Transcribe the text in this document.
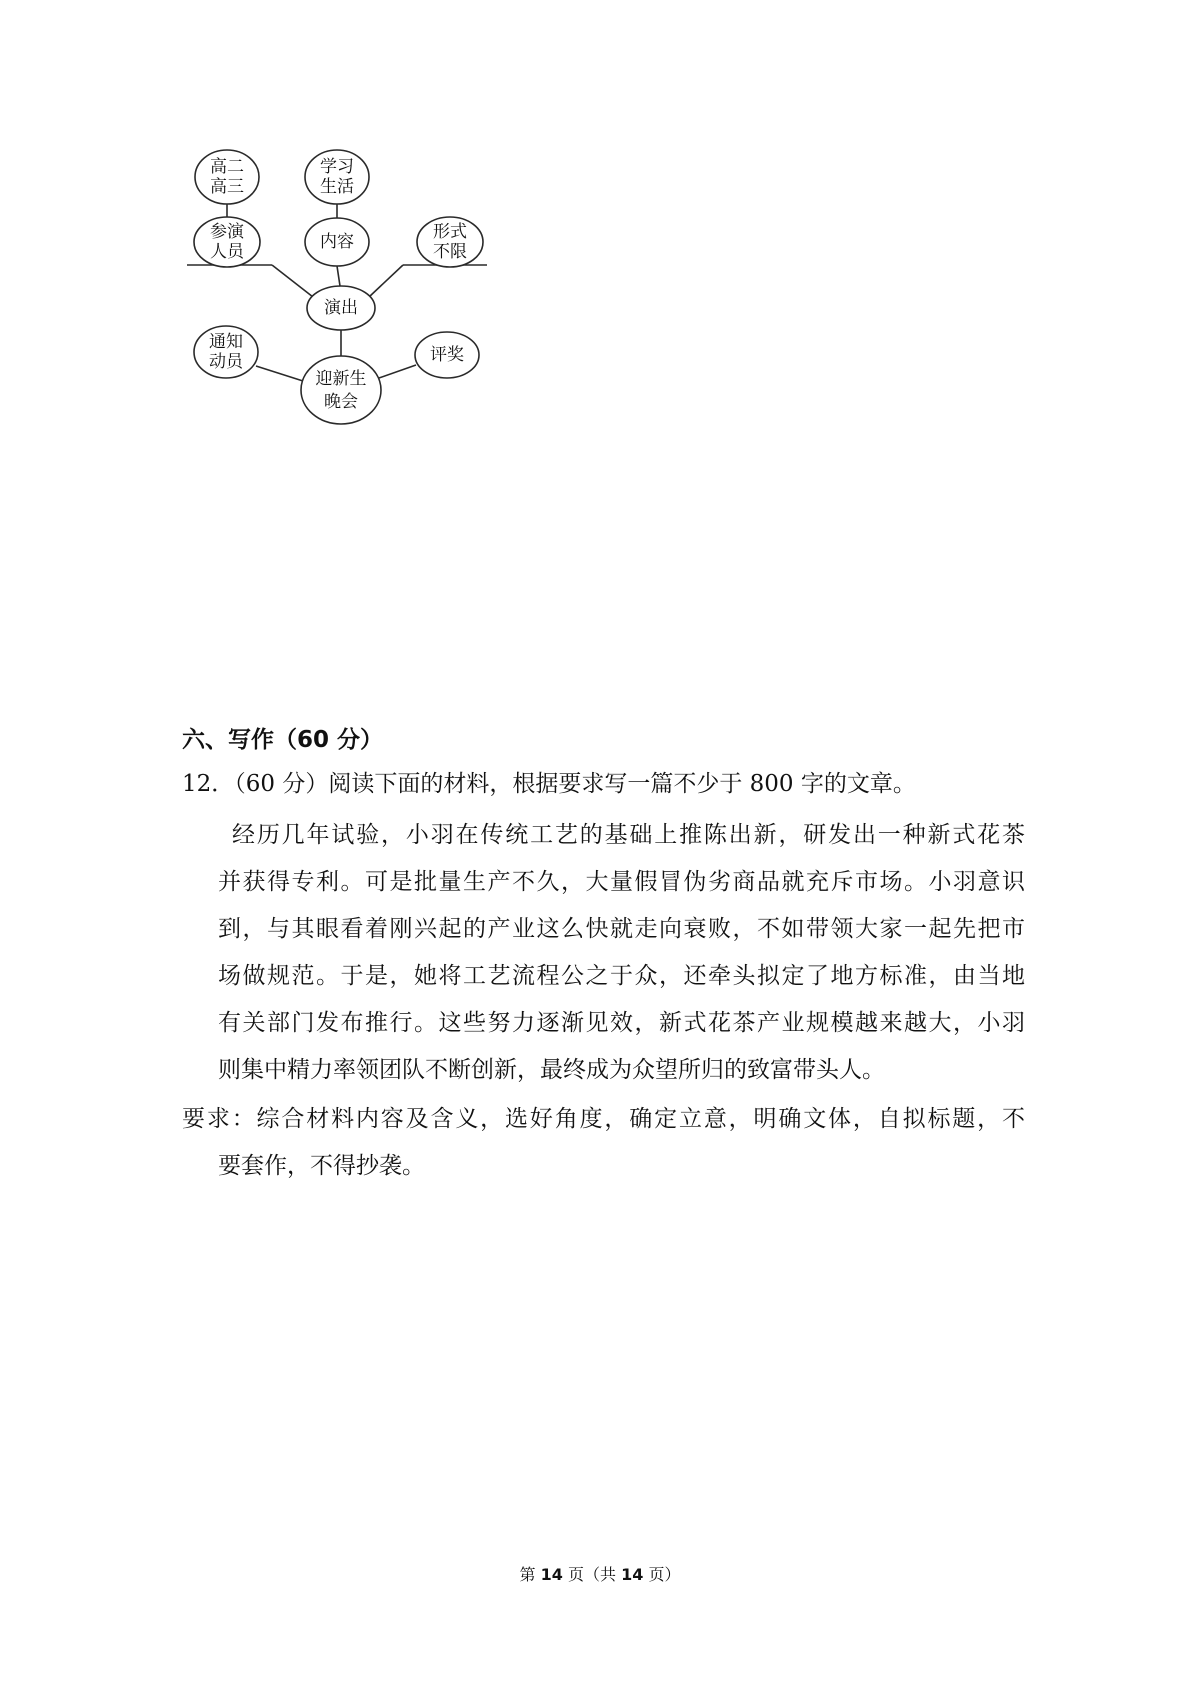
高二
高三
学习
生活
参演
人员	内容	形式
不限
演出
通知
动员	评奖
迎新生
晚会
六、写作（60 分）
12．（60 分）阅读下面的材料，根据要求写一篇不少于 800 字的文章。
经历几年试验，小羽在传统工艺的基础上推陈出新，研发出一种新式花茶
并获得专利。可是批量生产不久，大量假冒伪劣商品就充斥市场。小羽意识
到，与其眼看着刚兴起的产业这么快就走向衰败，不如带领大家一起先把市
场做规范。于是，她将工艺流程公之于众，还牵头拟定了地方标准，由当地
有关部门发布推行。这些努力逐渐见效，新式花茶产业规模越来越大，小羽
则集中精力率领团队不断创新，最终成为众望所归的致富带头人。
要求：综合材料内容及含义，选好角度，确定立意，明确文体，自拟标题，不
要套作，不得抄袭。
第 14 页（共 14 页）
